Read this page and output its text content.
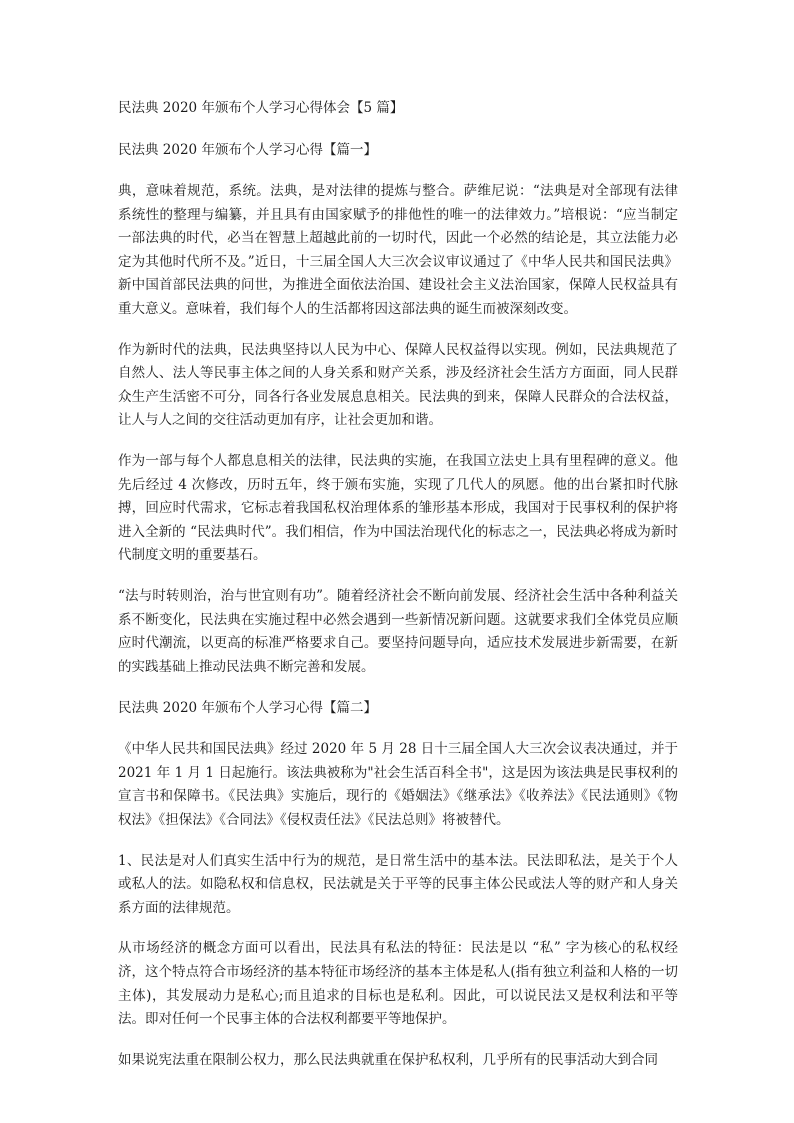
民法典 2020 年颁布个人学习心得体会【5 篇】
民法典 2020 年颁布个人学习心得【篇一】

典，意味着规范，系统。法典，是对法律的提炼与整合。萨维尼说：“法典是对全部现有法律系统性的整理与编纂，并且具有由国家赋予的排他性的唯一的法律效力。”培根说：“应当制定一部法典的时代，必当在智慧上超越此前的一切时代，因此一个必然的结论是，其立法能力必定为其他时代所不及。”近日，十三届全国人大三次会议审议通过了《中华人民共和国民法典》新中国首部民法典的问世，为推进全面依法治国、建设社会主义法治国家，保障人民权益具有重大意义。意味着，我们每个人的生活都将因这部法典的诞生而被深刻改变。

作为新时代的法典，民法典坚持以人民为中心、保障人民权益得以实现。例如，民法典规范了自然人、法人等民事主体之间的人身关系和财产关系，涉及经济社会生活方方面面，同人民群众生产生活密不可分，同各行各业发展息息相关。民法典的到来，保障人民群众的合法权益，让人与人之间的交往活动更加有序，让社会更加和谐。

作为一部与每个人都息息相关的法律，民法典的实施，在我国立法史上具有里程碑的意义。他先后经过 4 次修改，历时五年，终于颁布实施，实现了几代人的夙愿。他的出台紧扣时代脉搏，回应时代需求，它标志着我国私权治理体系的雏形基本形成，我国对于民事权利的保护将进入全新的 “民法典时代”。我们相信，作为中国法治现代化的标志之一，民法典必将成为新时代制度文明的重要基石。

“法与时转则治，治与世宜则有功”。随着经济社会不断向前发展、经济社会生活中各种利益关系不断变化，民法典在实施过程中必然会遇到一些新情况新问题。这就要求我们全体党员应顺应时代潮流，以更高的标准严格要求自己。要坚持问题导向，适应技术发展进步新需要，在新的实践基础上推动民法典不断完善和发展。

民法典 2020 年颁布个人学习心得【篇二】

《中华人民共和国民法典》经过 2020 年 5 月 28 日十三届全国人大三次会议表决通过，并于 2021 年 1 月 1 日起施行。该法典被称为"社会生活百科全书"，这是因为该法典是民事权利的宣言书和保障书。《民法典》实施后，现行的《婚姻法》《继承法》《收养法》《民法通则》《物权法》《担保法》《合同法》《侵权责任法》《民法总则》将被替代。

1、民法是对人们真实生活中行为的规范，是日常生活中的基本法。民法即私法，是关于个人或私人的法。如隐私权和信息权，民法就是关于平等的民事主体公民或法人等的财产和人身关系方面的法律规范。

从市场经济的概念方面可以看出，民法具有私法的特征：民法是以 “私” 字为核心的私权经济，这个特点符合市场经济的基本特征市场经济的基本主体是私人(指有独立利益和人格的一切主体)，其发展动力是私心;而且追求的目标也是私利。因此，可以说民法又是权利法和平等法。即对任何一个民事主体的合法权利都要平等地保护。

如果说宪法重在限制公权力，那么民法典就重在保护私权利，几乎所有的民事活动大到合同
